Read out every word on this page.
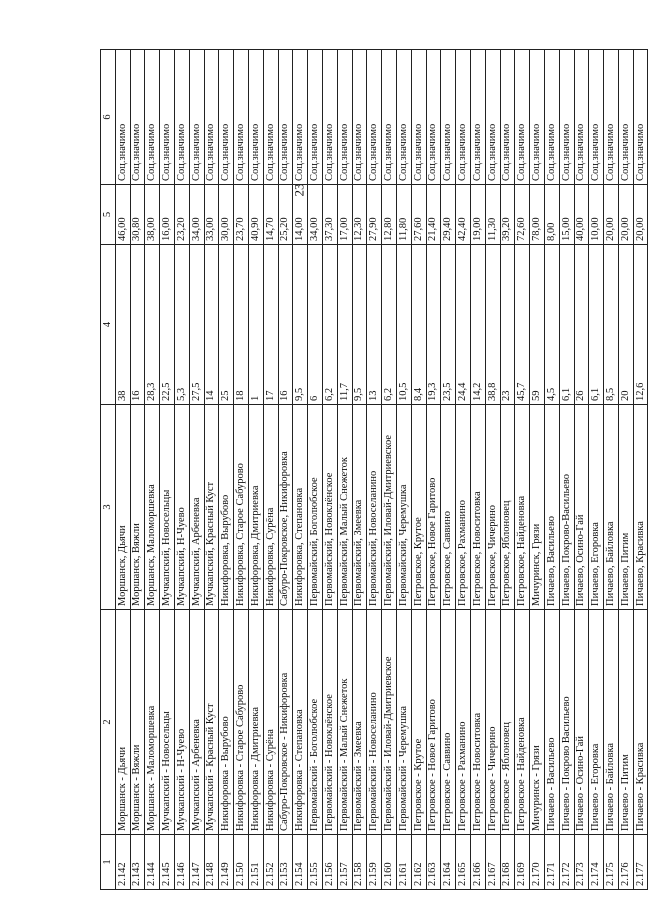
23
1	2	3	4	5	6
2.142	Моршанск - Дьячи	Моршанск, Дьячи	38	46,00	Соц.значимо
2.143	Моршанск - Вяжли	Моршанск, Вяжли	16	30,80	Соц.значимо
2.144	Моршанск - Маломоршевка	Моршанск, Маломоршевка	28,3	38,00	Соц.значимо
2.145	Мучкапский - Новосельцы	Мучкапский, Новосельцы	22,5	16,00	Соц.значимо
2.146	Мучкапский - Н-Чуево	Мучкапский, Н-Чуево	5,3	23,20	Соц.значимо
2.147	Мучкапский - Арбеневка	Мучкапский, Арбеневка	27,5	34,00	Соц.значимо
2.148	Мучкапский - Красный Куст	Мучкапский, Красный Куст	14	33,00	Соц.значимо
2.149	Никифоровка - Вырубово	Никифоровка, Вырубово	25	30,00	Соц.значимо
2.150	Никифоровка - Старое Сабурово	Никифоровка, Старое Сабурово	18	23,70	Соц.значимо
2.151	Никифоровка - Дмитриевка	Никифоровка, Дмитриевка	1	40,90	Соц.значимо
2.152	Никифоровка - Сурёна	Никифоровка, Сурёна	17	14,70	Соц.значимо
2.153	Сабуро-Покровское - Никифоровка	Сабуро-Покровское, Никифоровка	16	25,20	Соц.значимо
2.154	Никифоровка - Степановка	Никифоровка, Степановка	9,5	14,00	Соц.значимо
2.155	Первомайский - Боголюбское	Первомайский, Боголюбское	6	34,00	Соц.значимо
2.156	Первомайский - Новоклёнское	Первомайский, Новоклёнское	6,2	37,30	Соц.значимо
2.157	Первомайский - Малый Снежеток	Первомайский, Малый Снежеток	11,7	17,00	Соц.значимо
2.158	Первомайский - Змеевка	Первомайский, Змеевка	9,5	12,30	Соц.значимо
2.159	Первомайский - Новоселанино	Первомайский, Новоселанино	13	27,90	Соц.значимо
2.160	Первомайский - Иловай-Дмитриевское	Первомайский, Иловай-Дмитриевское	6,2	12,80	Соц.значимо
2.161	Первомайский - Черемушка	Первомайский, Черемушка	10,5	11,80	Соц.значимо
2.162	Петровское - Крутое	Петровское, Крутое	8,4	27,60	Соц.значимо
2.163	Петровское - Новое Гаритово	Петровское, Новое Гаритово	19,3	21,40	Соц.значимо
2.164	Петровское - Саввино	Петровское, Саввино	23,5	29,40	Соц.значимо
2.165	Петровское - Рахманино	Петровское, Рахманино	24,4	42,40	Соц.значимо
2.166	Петровское - Новоситовка	Петровское, Новоситовка	14,2	19,00	Соц.значимо
2.167	Петровское - Чичерино	Петровское, Чичерино	38,8	11,30	Соц.значимо
2.168	Петровское - Яблоновец	Петровское, Яблоновец	23	39,20	Соц.значимо
2.169	Петровское - Найденовка	Петровское, Найденовка	45,7	72,60	Соц.значимо
2.170	Мичуринск - Грязи	Мичуринск, Грязи	59	78,00	Соц.значимо
2.171	Пичаево - Васильево	Пичаево, Васильево	4,5	8,00	Соц.значимо
2.172	Пичаево - Покрово Васильево	Пичаево, Покрово-Васильево	6,1	15,00	Соц.значимо
2.173	Пичаево - Осино-Гай	Пичаево, Осино-Гай	26	40,00	Соц.значимо
2.174	Пичаево - Егоровка	Пичаево, Егоровка	6,1	10,00	Соц.значимо
2.175	Пичаево - Байловка	Пичаево, Байловка	8,5	20,00	Соц.значимо
2.176	Пичаево - Питим	Пичаево, Питим	20	20,00	Соц.значимо
2.177	Пичаево - Красивка	Пичаево, Красивка	12,6	20,00	Соц.значимо
